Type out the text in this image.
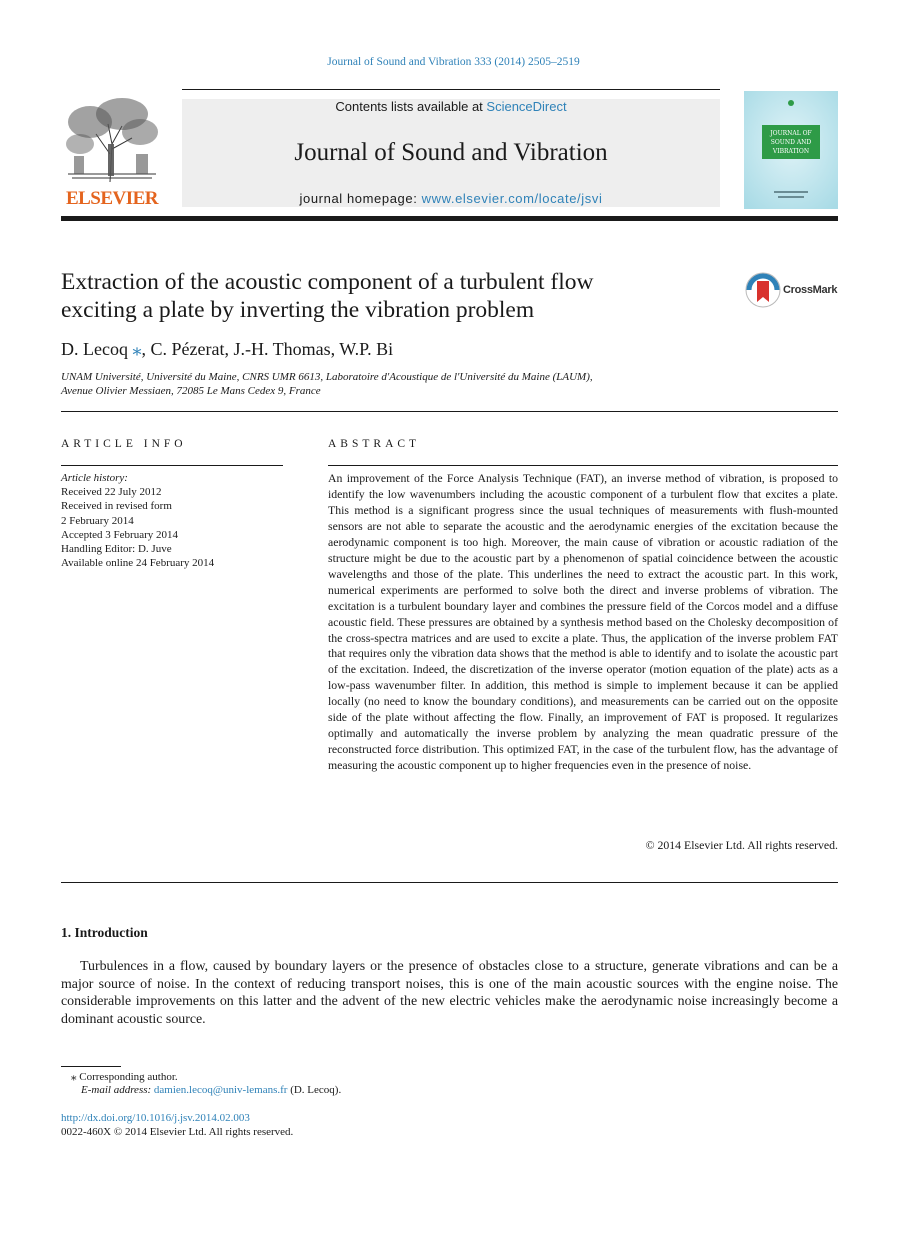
Journal of Sound and Vibration 333 (2014) 2505–2519
ELSEVIER
Contents lists available at ScienceDirect
Journal of Sound and Vibration
journal homepage: www.elsevier.com/locate/jsvi
JOURNAL OF
SOUND AND
VIBRATION
Extraction of the acoustic component of a turbulent flow
exciting a plate by inverting the vibration problem
CrossMark
D. Lecoq ⁎, C. Pézerat, J.-H. Thomas, W.P. Bi
UNAM Université, Université du Maine, CNRS UMR 6613, Laboratoire d'Acoustique de l'Université du Maine (LAUM),
Avenue Olivier Messiaen, 72085 Le Mans Cedex 9, France
ARTICLE INFO
Article history:
Received 22 July 2012
Received in revised form
2 February 2014
Accepted 3 February 2014
Handling Editor: D. Juve
Available online 24 February 2014
ABSTRACT
An improvement of the Force Analysis Technique (FAT), an inverse method of vibration, is proposed to identify the low wavenumbers including the acoustic component of a turbulent flow that excites a plate. This method is a significant progress since the usual techniques of measurements with flush-mounted sensors are not able to separate the acoustic and the aerodynamic energies of the excitation because the aerodynamic component is too high. Moreover, the main cause of vibration or acoustic radiation of the structure might be due to the acoustic part by a phenomenon of spatial coincidence between the acoustic wavelengths and those of the plate. This underlines the need to extract the acoustic part. In this work, numerical experiments are performed to solve both the direct and inverse problems of vibration. The excitation is a turbulent boundary layer and combines the pressure field of the Corcos model and a diffuse acoustic field. These pressures are obtained by a synthesis method based on the Cholesky decomposition of the cross-spectra matrices and are used to excite a plate. Thus, the application of the inverse problem FAT that requires only the vibration data shows that the method is able to identify and to isolate the acoustic part of the excitation. Indeed, the discretization of the inverse operator (motion equation of the plate) acts as a low-pass wavenumber filter. In addition, this method is simple to implement because it can be applied locally (no need to know the boundary conditions), and measurements can be carried out on the opposite side of the plate without affecting the flow. Finally, an improvement of FAT is proposed. It regularizes optimally and automatically the inverse problem by analyzing the mean quadratic pressure of the reconstructed force distribution. This optimized FAT, in the case of the turbulent flow, has the advantage of measuring the acoustic component up to higher frequencies even in the presence of noise.
© 2014 Elsevier Ltd. All rights reserved.
1. Introduction
Turbulences in a flow, caused by boundary layers or the presence of obstacles close to a structure, generate vibrations and can be a major source of noise. In the context of reducing transport noises, this is one of the main acoustic sources with the engine noise. The considerable improvements on this latter and the advent of the new electric vehicles make the aerodynamic noise increasingly become a dominant acoustic source.
⁎ Corresponding author.
E-mail address: damien.lecoq@univ-lemans.fr (D. Lecoq).
http://dx.doi.org/10.1016/j.jsv.2014.02.003
0022-460X © 2014 Elsevier Ltd. All rights reserved.
